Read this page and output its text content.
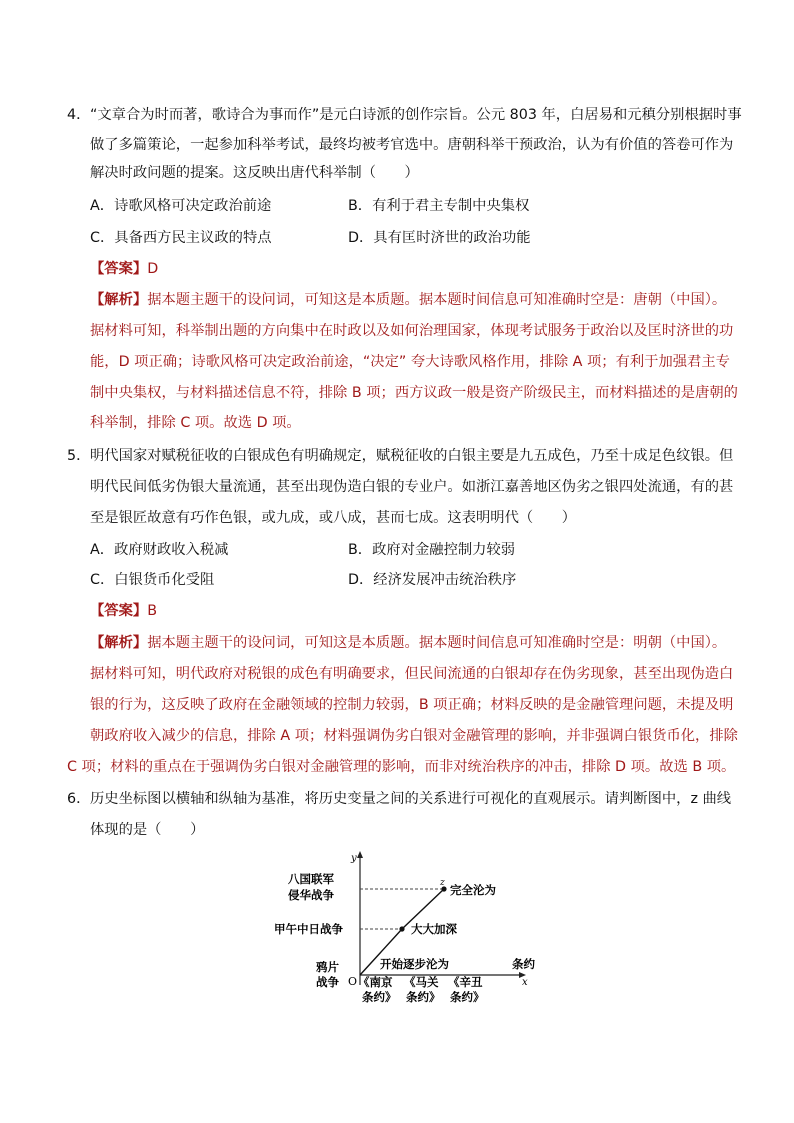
4． “文章合为时而著，歌诗合为事而作”是元白诗派的创作宗旨。公元 803 年，白居易和元稹分别根据时事
做了多篇策论，一起参加科举考试，最终均被考官选中。唐朝科举干预政治，认为有价值的答卷可作为
解决时政问题的提案。这反映出唐代科举制（　　）
A．诗歌风格可决定政治前途	B．有利于君主专制中央集权
C．具备西方民主议政的特点	D．具有匡时济世的政治功能
【答案】D
【解析】据本题主题干的设问词，可知这是本质题。据本题时间信息可知准确时空是：唐朝（中国）。
据材料可知，科举制出题的方向集中在时政以及如何治理国家，体现考试服务于政治以及匡时济世的功
能，D 项正确；诗歌风格可决定政治前途，“决定” 夸大诗歌风格作用，排除 A 项；有利于加强君主专
制中央集权，与材料描述信息不符，排除 B 项；西方议政一般是资产阶级民主，而材料描述的是唐朝的
科举制，排除 C 项。故选 D 项。
5． 明代国家对赋税征收的白银成色有明确规定，赋税征收的白银主要是九五成色，乃至十成足色纹银。但
明代民间低劣伪银大量流通，甚至出现伪造白银的专业户。如浙江嘉善地区伪劣之银四处流通，有的甚
至是银匠故意有巧作色银，或九成，或八成，甚而七成。这表明明代（　　）
A．政府财政收入税减	B．政府对金融控制力较弱
C．白银货币化受阻	D．经济发展冲击统治秩序
【答案】B
【解析】据本题主题干的设问词，可知这是本质题。据本题时间信息可知准确时空是：明朝（中国）。
据材料可知，明代政府对税银的成色有明确要求，但民间流通的白银却存在伪劣现象，甚至出现伪造白
银的行为，这反映了政府在金融领域的控制力较弱，B 项正确；材料反映的是金融管理问题，未提及明
朝政府收入减少的信息，排除 A 项；材料强调伪劣白银对金融管理的影响，并非强调白银货币化，排除
C 项；材料的重点在于强调伪劣白银对金融管理的影响，而非对统治秩序的冲击，排除 D 项。故选 B 项。
6． 历史坐标图以横轴和纵轴为基准，将历史变量之间的关系进行可视化的直观展示。请判断图中，z 曲线
体现的是（　　）
y
x
O
z
八国联军
侵华战争
甲午中日战争
鸦片
战争
开始逐步沦为
大大加深
完全沦为
条约
《南京
条约》
《马关
条约》
《辛丑
条约》
